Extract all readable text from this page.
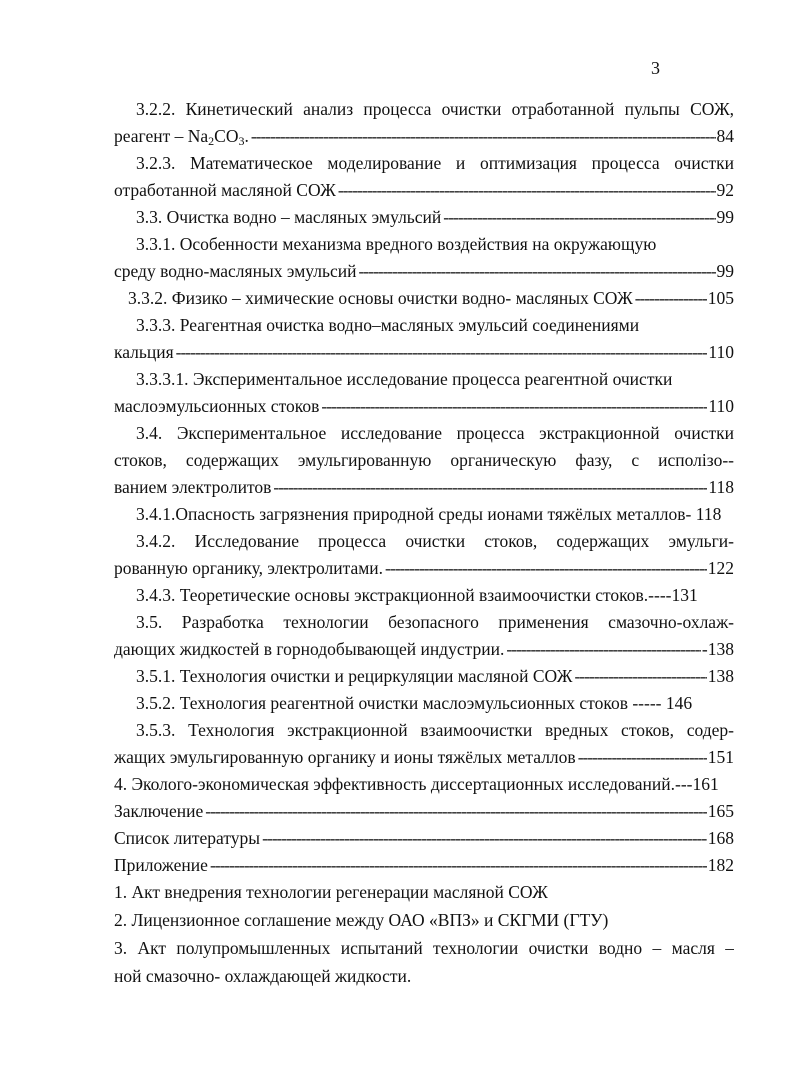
3
3.2.2. Кинетический анализ процесса очистки отработанной пульпы СОЖ,
реагент – $Na_2CO_3$. -----	84
3.2.3. Математическое моделирование и оптимизация процесса очистки
отработанной масляной СОЖ -----	92
3.3. Очистка водно – масляных эмульсий -----	99
3.3.1. Особенности механизма вредного воздействия на окружающую
среду водно-масляных эмульсий -----	99
3.3.2. Физико – химические основы очистки водно- масляных СОЖ -----	105
3.3.3. Реагентная очистка водно–масляных эмульсий соединениями
кальция -----	110
3.3.3.1. Экспериментальное исследование процесса реагентной очистки
маслоэмульсионных стоков -----	110
3.4. Экспериментальное исследование процесса экстракционной очистки
стоков, содержащих эмульгированную органическую фазу, с исполізо--
ванием электролитов -----	118
3.4.1.Опасность загрязнения природной среды ионами тяжёлых металлов- 118
3.4.2. Исследование процесса очистки стоков, содержащих эмульги-
рованную органику, электролитами. -----	122
3.4.3. Теоретические основы экстракционной взаимоочистки стоков.----131
3.5. Разработка технологии безопасного применения смазочно-охлаж-
дающих жидкостей в горнодобывающей индустрии. -----	-138
3.5.1. Технология очистки и рециркуляции масляной СОЖ -----	138
3.5.2. Технология реагентной очистки маслоэмульсионных стоков ----- 146
3.5.3. Технология экстракционной взаимоочистки вредных стоков, содер-
жащих эмульгированную органику и ионы тяжёлых металлов -----	151
4. Эколого-экономическая эффективность диссертационных исследований.---161
Заключение -----	165
Список литературы -----	168
Приложение -----	182
1. Акт внедрения технологии регенерации масляной СОЖ
2. Лицензионное соглашение между ОАО «ВПЗ» и СКГМИ (ГТУ)
3. Акт полупромышленных испытаний технологии очистки водно – масля –
ной смазочно- охлаждающей жидкости.
